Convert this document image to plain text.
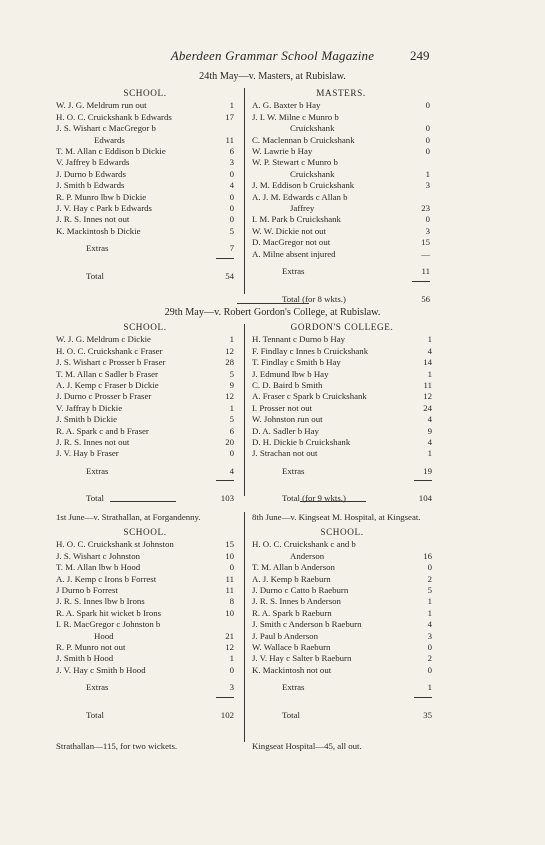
Aberdeen Grammar School Magazine	249
24th May—v. Masters, at Rubislaw.
SCHOOL.
W. J. G. Meldrum run out	1
H. O. C. Cruickshank b Edwards	17
J. S. Wishart c MacGregor b
Edwards	11
T. M. Allan c Eddison b Dickie	6
V. Jaffrey b Edwards	3
J. Durno b Edwards	0
J. Smith b Edwards	4
R. P. Munro lbw b Dickie	0
J. V. Hay c Park b Edwards	0
J. R. S. Innes not out	0
K. Mackintosh b Dickie	5
Extras	7
Total	54
MASTERS.
A. G. Baxter b Hay	0
J. I. W. Milne c Munro b
Cruickshank	0
C. Maclennan b Cruickshank	0
W. Lawrie b Hay	0
W. P. Stewart c Munro b
Cruickshank	1
J. M. Eddison b Cruickshank	3
A. J. M. Edwards c Allan b
Jaffrey	23
I. M. Park b Cruickshank	0
W. W. Dickie not out	3
D. MacGregor not out	15
A. Milne absent injured	—
Extras	11
Total (for 8 wkts.)	56
29th May—v. Robert Gordon's College, at Rubislaw.
SCHOOL.
W. J. G. Meldrum c Dickie	1
H. O. C. Cruickshank c Fraser	12
J. S. Wishart c Prosser b Fraser	28
T. M. Allan c Sadler b Fraser	5
A. J. Kemp c Fraser b Dickie	9
J. Durno c Prosser b Fraser	12
V. Jaffray b Dickie	1
J. Smith b Dickie	5
R. A. Spark c and b Fraser	6
J. R. S. Innes not out	20
J. V. Hay b Fraser	0
Extras	4
Total	103
GORDON'S COLLEGE.
H. Tennant c Durno b Hay	1
F. Findlay c Innes b Cruickshank	4
T. Findlay c Smith b Hay	14
J. Edmund lbw b Hay	1
C. D. Baird b Smith	11
A. Fraser c Spark b Cruickshank	12
I. Prosser not out	24
W. Johnston run out	4
D. A. Sadler b Hay	9
D. H. Dickie b Cruickshank	4
J. Strachan not out	1
Extras	19
Total (for 9 wkts.)	104
1st June—v. Strathallan, at Forgandenny.
SCHOOL.
H. O. C. Cruickshank st Johnston	15
J. S. Wishart c Johnston	10
T. M. Allan lbw b Hood	0
A. J. Kemp c Irons b Forrest	11
J Durno b Forrest	11
J. R. S. Innes lbw b Irons	8
R. A. Spark hit wicket b Irons	10
I. R. MacGregor c Johnston b
Hood	21
R. P. Munro not out	12
J. Smith b Hood	1
J. V. Hay c Smith b Hood	0
Extras	3
Total	102
Strathallan—115, for two wickets.
8th June—v. Kingseat M. Hospital, at Kingseat.
SCHOOL.
H. O. C. Cruickshank c and b
Anderson	16
T. M. Allan b Anderson	0
A. J. Kemp b Raeburn	2
J. Durno c Catto b Raeburn	5
J. R. S. Innes b Anderson	1
R. A. Spark b Raeburn	1
J. Smith c Anderson b Raeburn	4
J. Paul b Anderson	3
W. Wallace b Raeburn	0
J. V. Hay c Salter b Raeburn	2
K. Mackintosh not out	0
Extras	1
Total	35
Kingseat Hospital—45, all out.
